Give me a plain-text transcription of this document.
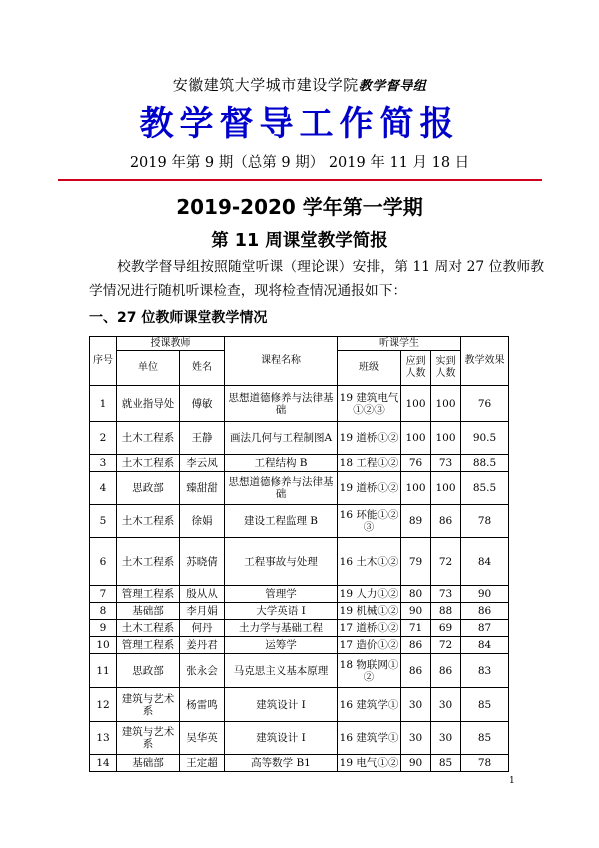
安徽建筑大学城市建设学院教学督导组
教学督导工作简报
2019 年第 9 期（总第 9 期） 2019 年 11 月 18 日
2019-2020 学年第一学期
第 11 周课堂教学简报
校教学督导组按照随堂听课（理论课）安排，第 11 周对 27 位教师教学情况进行随机听课检查，现将检查情况通报如下：
一、27 位教师课堂教学情况
序号	授课教师		课程名称	听课学生			教学效果
	单位	姓名		班级	应到人数	实到人数	
1	就业指导处	傅敏	思想道德修养与法律基础	19 建筑电气①②③	100	100	76
2	土木工程系	王静	画法几何与工程制图A	19 道桥①②	100	100	90.5
3	土木工程系	李云凤	工程结构 B	18 工程①②	76	73	88.5
4	思政部	臻甜甜	思想道德修养与法律基础	19 道桥①②	100	100	85.5
5	土木工程系	徐娟	建设工程监理 B	16 环能①②③	89	86	78
6	土木工程系	苏晓倩	工程事故与处理	16 土木①②	79	72	84
7	管理工程系	殷从从	管理学	19 人力①②	80	73	90
8	基础部	李月娟	大学英语 I	19 机械①②	90	88	86
9	土木工程系	何丹	土力学与基础工程	17 道桥①②	71	69	87
10	管理工程系	姜丹君	运筹学	17 造价①②	86	72	84
11	思政部	张永会	马克思主义基本原理	18 物联网①②	86	86	83
12	建筑与艺术系	杨雷鸣	建筑设计 I	16 建筑学①	30	30	85
13	建筑与艺术系	吴华英	建筑设计 I	16 建筑学①	30	30	85
14	基础部	王定超	高等数学 B1	19 电气①②	90	85	78
1
